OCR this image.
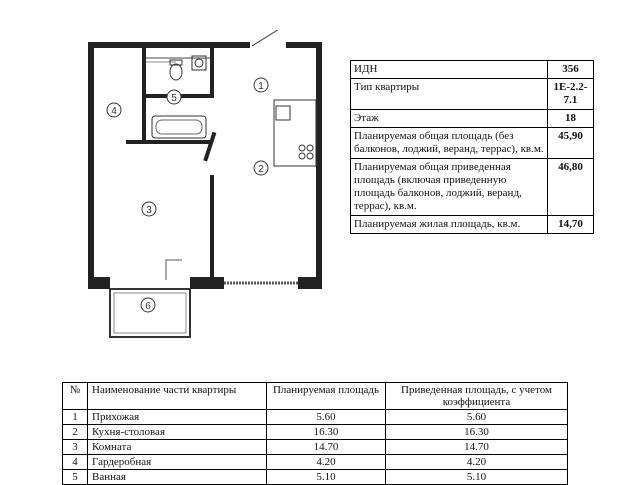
1
2
3
4
5
6
ИДН	356
Тип квартиры	1E-2.2-7.1
Этаж	18
Планируемая общая площадь (без балконов, лоджий, веранд, террас), кв.м.	45,90
Планируемая общая приведенная площадь (включая приведенную площадь балконов, лоджий, веранд, террас), кв.м.	46,80
Планируемая жилая площадь, кв.м.	14,70
№	Наименование части квартиры	Планируемая площадь	Приведенная площадь, с учетом коэффициента
1	Прихожая	5.60	5.60
2	Кухня-столовая	16.30	16.30
3	Комната	14.70	14.70
4	Гардеробная	4.20	4.20
5	Ванная	5.10	5.10
